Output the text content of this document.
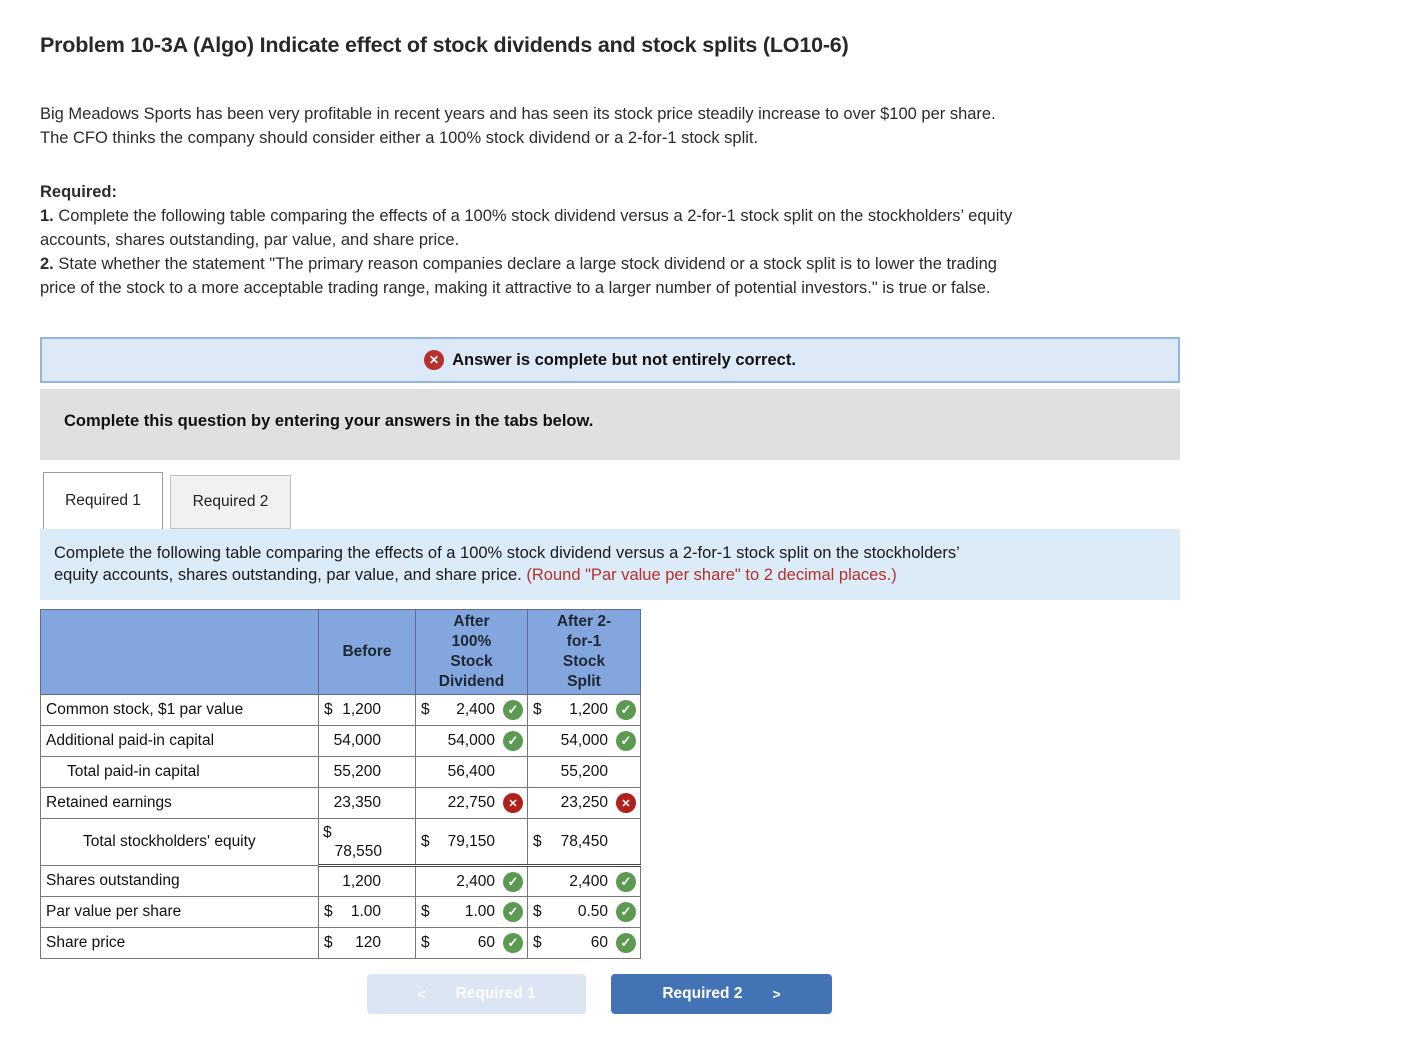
Problem 10-3A (Algo) Indicate effect of stock dividends and stock splits (LO10-6)
Big Meadows Sports has been very profitable in recent years and has seen its stock price steadily increase to over $100 per share.
The CFO thinks the company should consider either a 100% stock dividend or a 2-for-1 stock split.
Required:
1. Complete the following table comparing the effects of a 100% stock dividend versus a 2-for-1 stock split on the stockholders’ equity
accounts, shares outstanding, par value, and share price.
2. State whether the statement "The primary reason companies declare a large stock dividend or a stock split is to lower the trading
price of the stock to a more acceptable trading range, making it attractive to a larger number of potential investors." is true or false.
✕ Answer is complete but not entirely correct.
Complete this question by entering your answers in the tabs below.
Required 1	Required 2
Complete the following table comparing the effects of a 100% stock dividend versus a 2-for-1 stock split on the stockholders’
equity accounts, shares outstanding, par value, and share price. (Round "Par value per share" to 2 decimal places.)
	Before	After
100%
Stock
Dividend	After 2-
for-1
Stock
Split
Common stock, $1 par value	$ 1,200	$ 2,400 ✓	$ 1,200 ✓

Additional paid-in capital	54,000	54,000 ✓	54,000 ✓

Total paid-in capital	55,200	56,400	55,200

Retained earnings	23,350	22,750 ✕	23,250 ✕

Total stockholders' equity	$
78,550	$ 79,150	$ 78,450

Shares outstanding	1,200	2,400 ✓	2,400 ✓

Par value per share	$ 1.00	$ 1.00 ✓	$ 0.50 ✓

Share price	$ 120	$ 60 ✓	$ 60 ✓
< Required 1	Required 2 >
